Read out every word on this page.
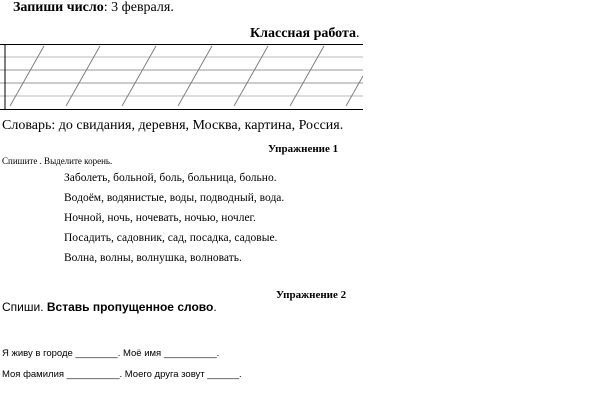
Запиши число: 3 февраля.
Классная работа.
Словарь: до свидания, деревня, Москва, картина, Россия.
Упражнение 1
Спишите . Выделите корень.
Заболеть, больной, боль, больница, больно.
Водоём, водянистые, воды, подводный, вода.
Ночной, ночь, ночевать, ночью, ночлег.
Посадить, садовник, сад, посадка, садовые.
Волна, волны, волнушка, волновать.
Упражнение 2
Спиши. Вставь пропущенное слово.
Я живу в городе ________. Моё имя __________.
Моя фамилия __________. Моего друга зовут ______.
